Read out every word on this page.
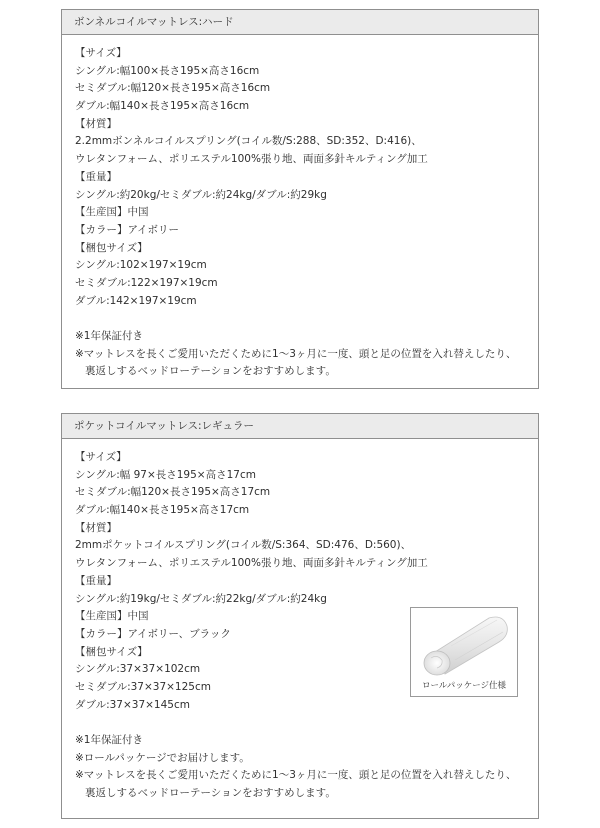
ボンネルコイルマットレス:ハード
【サイズ】
シングル:幅100×長さ195×高さ16cm
セミダブル:幅120×長さ195×高さ16cm
ダブル:幅140×長さ195×高さ16cm
【材質】
2.2mmボンネルコイルスプリング(コイル数/S:288、SD:352、D:416)、
ウレタンフォーム、ポリエステル100%張り地、両面多針キルティング加工
【重量】
シングル:約20kg/セミダブル:約24kg/ダブル:約29kg
【生産国】中国
【カラー】アイボリー
【梱包サイズ】
シングル:102×197×19cm
セミダブル:122×197×19cm
ダブル:142×197×19cm
※1年保証付き
※マットレスを長くご愛用いただくために1〜3ヶ月に一度、頭と足の位置を入れ替えしたり、
裏返しするベッドローテーションをおすすめします。
ポケットコイルマットレス:レギュラー
【サイズ】
シングル:幅 97×長さ195×高さ17cm
セミダブル:幅120×長さ195×高さ17cm
ダブル:幅140×長さ195×高さ17cm
【材質】
2mmポケットコイルスプリング(コイル数/S:364、SD:476、D:560)、
ウレタンフォーム、ポリエステル100%張り地、両面多針キルティング加工
【重量】
シングル:約19kg/セミダブル:約22kg/ダブル:約24kg
【生産国】中国
【カラー】アイボリー、ブラック
【梱包サイズ】
シングル:37×37×102cm
セミダブル:37×37×125cm
ダブル:37×37×145cm
※1年保証付き
※ロールパッケージでお届けします。
※マットレスを長くご愛用いただくために1〜3ヶ月に一度、頭と足の位置を入れ替えしたり、
裏返しするベッドローテーションをおすすめします。
ロールパッケージ仕様
